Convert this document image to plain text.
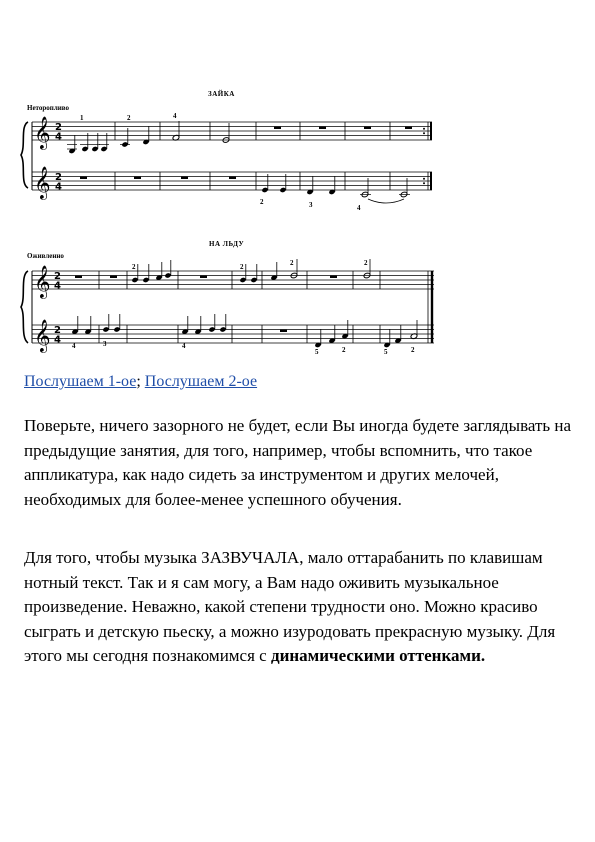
ЗАЙКА
Неторопливо
𝄞
𝄞
2
4
2
4
1	2	4
2	3	4
НА ЛЬДУ
Оживленно
𝄞
𝄞
2
4
2
4
2	2	2	2
4	3	4
5	2	5	2
Послушаем 1-ое; Послушаем 2-ое

Поверьте, ничего зазорного не будет, если Вы иногда будете заглядывать на предыдущие занятия, для того, например, чтобы вспомнить, что такое аппликатура, как надо сидеть за инструментом и других мелочей, необходимых для более-менее успешного обучения.

Для того, чтобы музыка ЗАЗВУЧАЛА, мало оттарабанить по клавишам нотный текст. Так и я сам могу, а Вам надо оживить музыкальное произведение. Неважно, какой степени трудности оно. Можно красиво сыграть и детскую пьеску, а можно изуродовать прекрасную музыку. Для этого мы сегодня познакомимся с динамическими оттенками.
